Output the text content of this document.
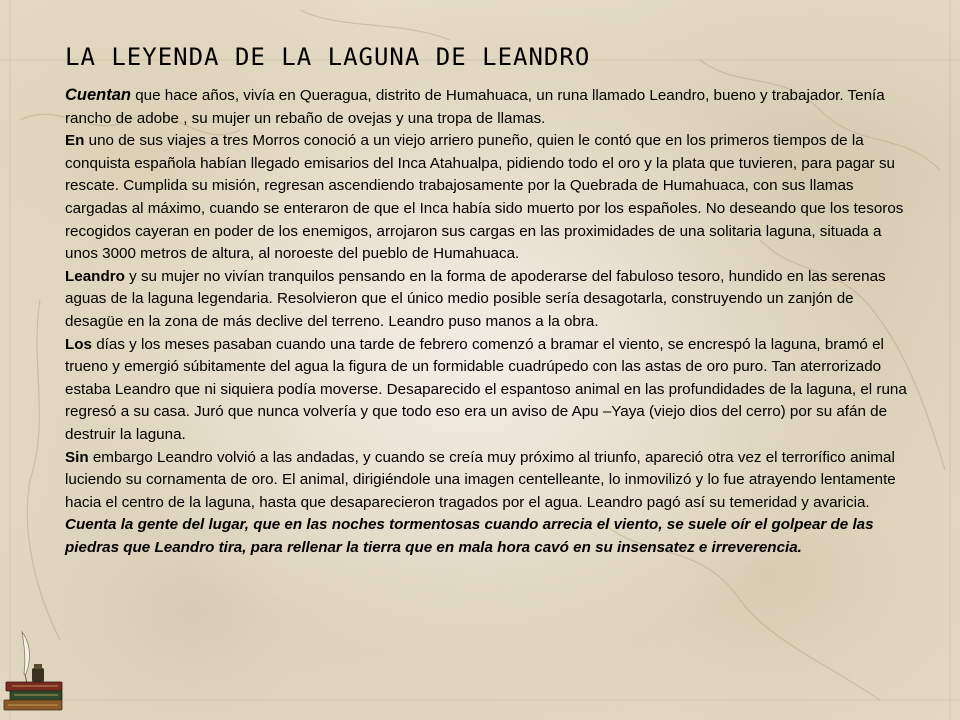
LA LEYENDA DE LA LAGUNA DE LEANDRO

Cuentan que hace años, vivía en Queragua, distrito de Humahuaca, un runa llamado Leandro, bueno y trabajador. Tenía rancho de adobe , su mujer un rebaño de ovejas y una tropa de llamas.
En uno de sus viajes a tres Morros conoció a un viejo arriero puneño, quien le contó que en los primeros tiempos de la conquista española habían llegado emisarios del Inca Atahualpa, pidiendo todo el oro y la plata que tuvieren, para pagar su rescate. Cumplida su misión, regresan ascendiendo trabajosamente por la Quebrada de Humahuaca, con sus llamas cargadas al máximo, cuando se enteraron de que el Inca había sido muerto por los españoles. No deseando que los tesoros recogidos cayeran en poder de los enemigos, arrojaron sus cargas en las proximidades de una solitaria laguna, situada a unos 3000 metros de altura, al noroeste del pueblo de Humahuaca.
Leandro y su mujer no vivían tranquilos pensando en la forma de apoderarse del fabuloso tesoro, hundido en las serenas aguas de la laguna legendaria. Resolvieron que el único medio posible sería desagotarla, construyendo un zanjón de desagüe en la zona de más declive del terreno. Leandro puso manos a la obra.
Los días y los meses pasaban cuando una tarde de febrero comenzó a bramar el viento, se encrespó la laguna, bramó el trueno y emergió súbitamente del agua la figura de un formidable cuadrúpedo con las astas de oro puro. Tan aterrorizado estaba Leandro que ni siquiera podía moverse. Desaparecido el espantoso animal en las profundidades de la laguna, el runa regresó a su casa. Juró que nunca volvería y que todo eso era un aviso de Apu –Yaya (viejo dios del cerro) por su afán de destruir la laguna.
Sin embargo Leandro volvió a las andadas, y cuando se creía muy próximo al triunfo, apareció otra vez el terrorífico animal luciendo su cornamenta de oro. El animal, dirigiéndole una imagen centelleante, lo inmovilizó y lo fue atrayendo lentamente hacia el centro de la laguna, hasta que desaparecieron tragados por el agua. Leandro pagó así su temeridad y avaricia.
Cuenta la gente del lugar, que en las noches tormentosas cuando arrecia el viento, se suele oír el golpear de las piedras que Leandro tira, para rellenar la tierra que en mala hora cavó en su insensatez e irreverencia.
